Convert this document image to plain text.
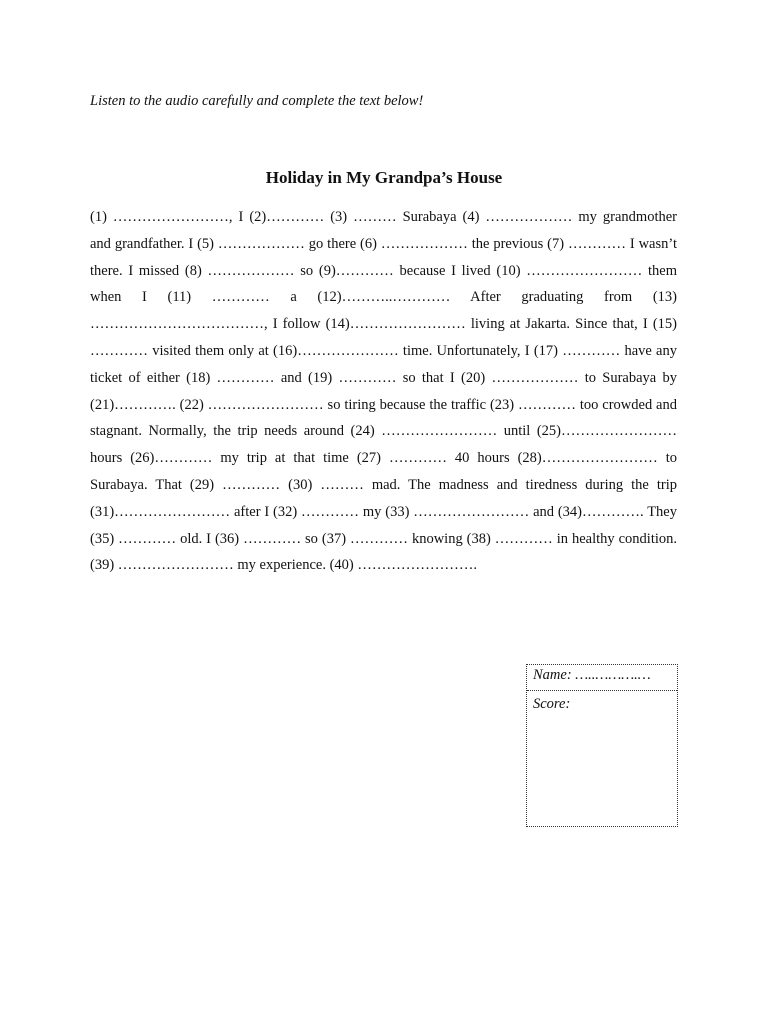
Listen to the audio carefully and complete the text below!

Holiday in My Grandpa’s House

(1) ……………………, I (2)………… (3) ……… Surabaya (4) ……………… my grandmother and grandfather. I (5) ……………… go there (6) ……………… the previous (7) ………… I wasn’t there. I missed (8) ……………… so (9)………… because I lived (10) …………………… them when I (11) ………… a (12)………..………… After graduating from (13) ………………………………, I follow (14)…………………… living at Jakarta. Since that, I (15) ………… visited them only at (16)………………… time. Unfortunately, I (17) ………… have any ticket of either (18) ………… and (19) ………… so that I (20) ……………… to Surabaya by (21)…………. (22) …………………… so tiring because the traffic (23) ………… too crowded and stagnant. Normally, the trip needs around (24) …………………… until (25)…………………… hours (26)………… my trip at that time (27) ………… 40 hours (28)…………………… to Surabaya. That (29) ………… (30) ……… mad. The madness and tiredness during the trip (31)…………………… after I (32) ………… my (33) …………………… and (34)…………. They (35) ………… old. I (36) ………… so (37) ………… knowing (38) ………… in healthy condition. (39) …………………… my experience. (40) …………………….

Name: …..……….…
Score:
